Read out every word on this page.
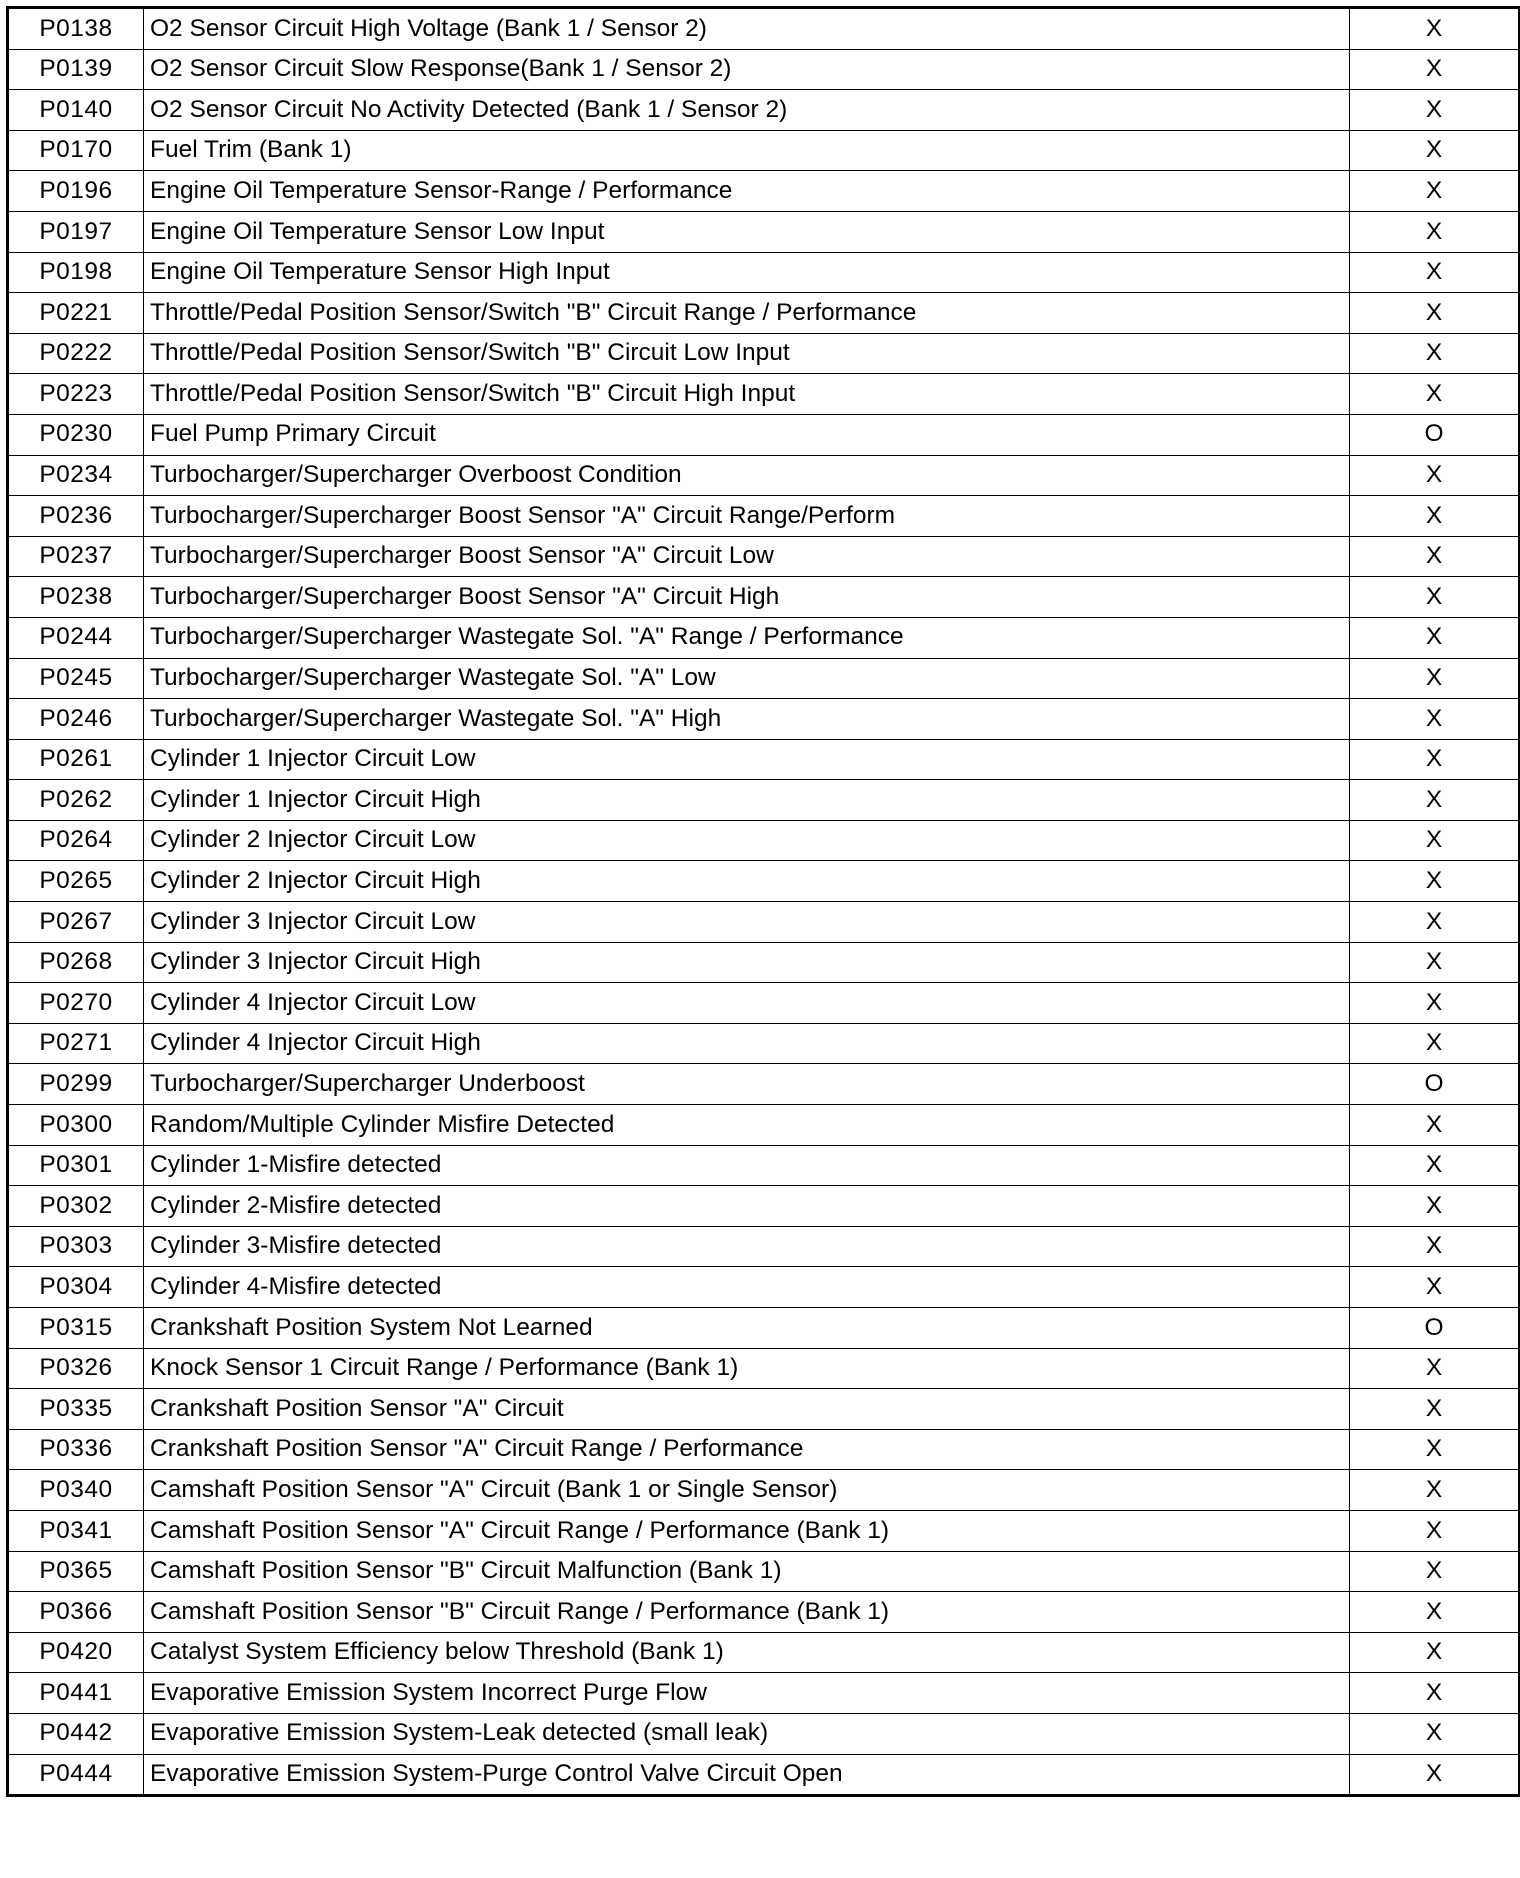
P0138	O2 Sensor Circuit High Voltage (Bank 1 / Sensor 2)	X
P0139	O2 Sensor Circuit Slow Response(Bank 1 / Sensor 2)	X
P0140	O2 Sensor Circuit No Activity Detected (Bank 1 / Sensor 2)	X
P0170	Fuel Trim (Bank 1)	X
P0196	Engine Oil Temperature Sensor-Range / Performance	X
P0197	Engine Oil Temperature Sensor Low Input	X
P0198	Engine Oil Temperature Sensor High Input	X
P0221	Throttle/Pedal Position Sensor/Switch "B" Circuit Range / Performance	X
P0222	Throttle/Pedal Position Sensor/Switch "B" Circuit Low Input	X
P0223	Throttle/Pedal Position Sensor/Switch "B" Circuit High Input	X
P0230	Fuel Pump Primary Circuit	O
P0234	Turbocharger/Supercharger Overboost Condition	X
P0236	Turbocharger/Supercharger Boost Sensor "A" Circuit Range/Perform	X
P0237	Turbocharger/Supercharger Boost Sensor "A" Circuit Low	X
P0238	Turbocharger/Supercharger Boost Sensor "A" Circuit High	X
P0244	Turbocharger/Supercharger Wastegate Sol. "A" Range / Performance	X
P0245	Turbocharger/Supercharger Wastegate Sol. "A" Low	X
P0246	Turbocharger/Supercharger Wastegate Sol. "A" High	X
P0261	Cylinder 1 Injector Circuit Low	X
P0262	Cylinder 1 Injector Circuit High	X
P0264	Cylinder 2 Injector Circuit Low	X
P0265	Cylinder 2 Injector Circuit High	X
P0267	Cylinder 3 Injector Circuit Low	X
P0268	Cylinder 3 Injector Circuit High	X
P0270	Cylinder 4 Injector Circuit Low	X
P0271	Cylinder 4 Injector Circuit High	X
P0299	Turbocharger/Supercharger Underboost	O
P0300	Random/Multiple Cylinder Misfire Detected	X
P0301	Cylinder 1-Misfire detected	X
P0302	Cylinder 2-Misfire detected	X
P0303	Cylinder 3-Misfire detected	X
P0304	Cylinder 4-Misfire detected	X
P0315	Crankshaft Position System Not Learned	O
P0326	Knock Sensor 1 Circuit Range / Performance (Bank 1)	X
P0335	Crankshaft Position Sensor "A" Circuit	X
P0336	Crankshaft Position Sensor "A" Circuit Range / Performance	X
P0340	Camshaft Position Sensor "A" Circuit (Bank 1 or Single Sensor)	X
P0341	Camshaft Position Sensor "A" Circuit Range / Performance (Bank 1)	X
P0365	Camshaft Position Sensor "B" Circuit Malfunction (Bank 1)	X
P0366	Camshaft Position Sensor "B" Circuit Range / Performance (Bank 1)	X
P0420	Catalyst System Efficiency below Threshold (Bank 1)	X
P0441	Evaporative Emission System Incorrect Purge Flow	X
P0442	Evaporative Emission System-Leak detected (small leak)	X
P0444	Evaporative Emission System-Purge Control Valve Circuit Open	X
